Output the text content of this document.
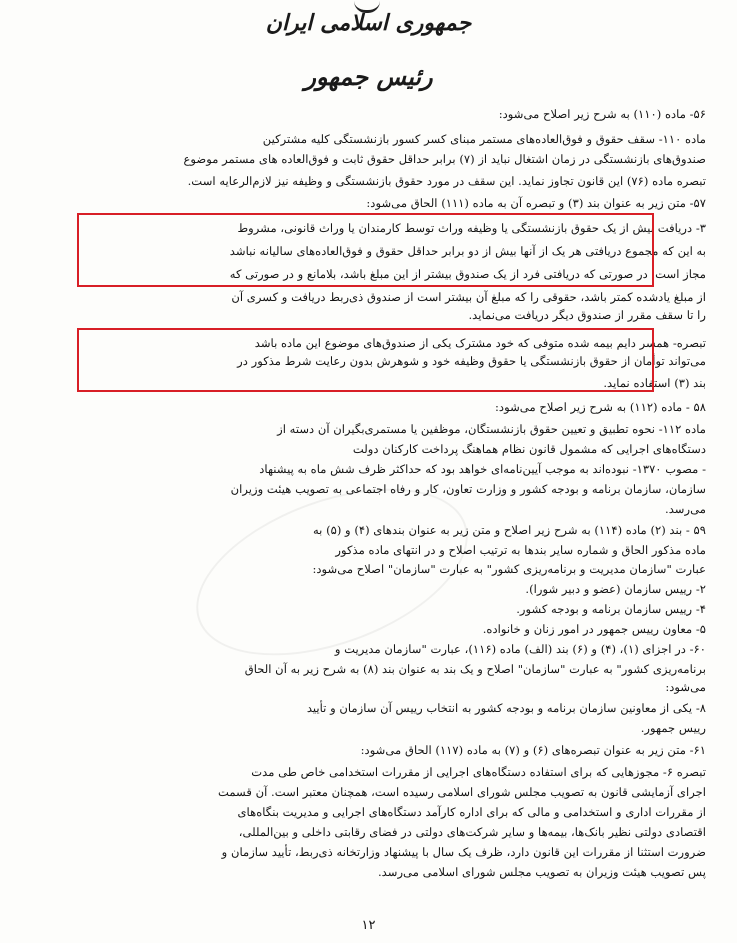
جمهوری اسلامی ایران
رئیس جمهور
۵۶- ماده (۱۱۰) به شرح زیر اصلاح می‌شود:
ماده ۱۱۰- سقف حقوق و فوق‌العاده‌های مستمر مبنای کسر کسور بازنشستگی کلیه مشترکین
صندوق‌های بازنشستگی در زمان اشتغال نباید از (۷) برابر حداقل حقوق ثابت و فوق‌العاده های مستمر موضوع
تبصره ماده (۷۶) این قانون تجاوز نماید. این سقف در مورد حقوق بازنشستگی و وظیفه نیز لازم‌الرعایه است.
۵۷- متن زیر به عنوان بند (۳) و تبصره آن به ماده (۱۱۱) الحاق می‌شود:
۳- دریافت بیش از یک حقوق بازنشستگی یا وظیفه وراث توسط کارمندان یا وراث قانونی، مشروط
به این که مجموع دریافتی هر یک از آنها بیش از دو برابر حداقل حقوق و فوق‌العاده‌های سالیانه نباشد
مجاز است. در صورتی که دریافتی فرد از یک صندوق بیشتر از این مبلغ باشد، بلامانع و در صورتی که
از مبلغ یادشده کمتر باشد، حقوقی را که مبلغ آن بیشتر است از صندوق ذی‌ربط دریافت و کسری آن
را تا سقف مقرر از صندوق دیگر دریافت می‌نماید.
تبصره- همسر دایم بیمه شده متوفی که خود مشترک یکی از صندوق‌های موضوع این ماده باشد
می‌تواند توأمان از حقوق بازنشستگی یا حقوق وظیفه خود و شوهرش بدون رعایت شرط مذکور در
بند (۳) استفاده نماید.
۵۸ - ماده (۱۱۲) به شرح زیر اصلاح می‌شود:
ماده ۱۱۲- نحوه تطبیق و تعیین حقوق بازنشستگان، موظفین یا مستمری‌بگیران آن دسته از
دستگاه‌های اجرایی که مشمول قانون نظام هماهنگ پرداخت کارکنان دولت
- مصوب ۱۳۷۰- نبوده‌اند به موجب آیین‌نامه‌ای خواهد بود که حداکثر ظرف شش ماه به پیشنهاد
سازمان، سازمان برنامه و بودجه کشور و وزارت تعاون، کار و رفاه اجتماعی به تصویب هیئت وزیران
می‌رسد.
۵۹ - بند (۲) ماده (۱۱۴) به شرح زیر اصلاح و متن زیر به عنوان بندهای (۴) و (۵) به
ماده مذکور الحاق و شماره سایر بندها به ترتیب اصلاح و در انتهای ماده مذکور
عبارت "سازمان مدیریت و برنامه‌ریزی کشور" به عبارت "سازمان" اصلاح می‌شود:
۲- رییس سازمان (عضو و دبیر شورا).
۴- رییس سازمان برنامه و بودجه کشور.
۵- معاون رییس جمهور در امور زنان و خانواده.
۶۰- در اجزای (۱)، (۴) و (۶) بند (الف) ماده (۱۱۶)، عبارت "سازمان مدیریت و
برنامه‌ریزی کشور" به عبارت "سازمان" اصلاح و یک بند به عنوان بند (۸) به شرح زیر به آن الحاق
می‌شود:
۸- یکی از معاونین سازمان برنامه و بودجه کشور به انتخاب رییس آن سازمان و تأیید
رییس جمهور.
۶۱- متن زیر به عنوان تبصره‌های (۶) و (۷) به ماده (۱۱۷) الحاق می‌شود:
تبصره ۶- مجوزهایی که برای استفاده دستگاه‌های اجرایی از مقررات استخدامی خاص طی مدت
اجرای آزمایشی قانون به تصویب مجلس شورای اسلامی رسیده است، همچنان معتبر است. آن قسمت
از مقررات اداری و استخدامی و مالی که برای اداره کارآمد دستگاه‌های اجرایی و مدیریت بنگاه‌های
اقتصادی دولتی نظیر بانک‌ها، بیمه‌ها و سایر شرکت‌های دولتی در فضای رقابتی داخلی و بین‌المللی،
ضرورت استثنا از مقررات این قانون دارد، ظرف یک سال با پیشنهاد وزارتخانه ذی‌ربط، تأیید سازمان و
پس تصویب هیئت وزیران به تصویب مجلس شورای اسلامی می‌رسد.
۱۲
